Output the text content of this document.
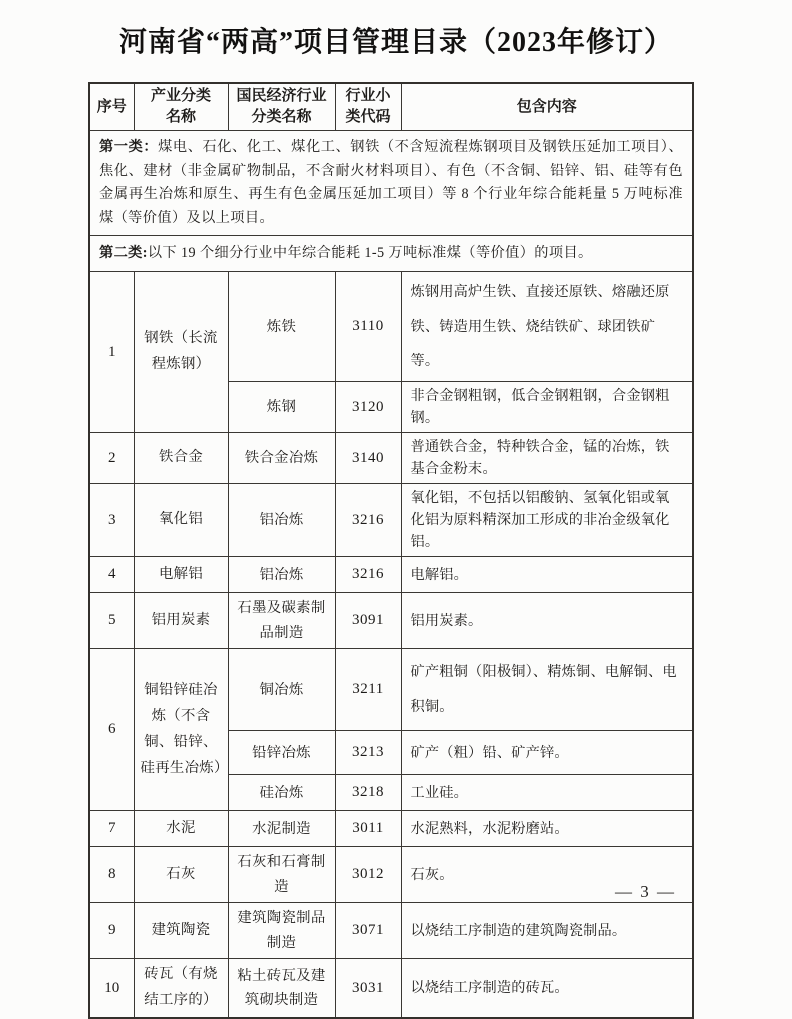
河南省“两高”项目管理目录（2023年修订）
序号	产业分类名称	国民经济行业分类名称	行业小类代码	包含内容
第一类：煤电、石化、化工、煤化工、钢铁（不含短流程炼钢项目及钢铁压延加工项目）、焦化、建材（非金属矿物制品，不含耐火材料项目）、有色（不含铜、铅锌、铝、硅等有色金属再生冶炼和原生、再生有色金属压延加工项目）等 8 个行业年综合能耗量 5 万吨标准煤（等价值）及以上项目。				
第二类:以下 19 个细分行业中年综合能耗 1-5 万吨标准煤（等价值）的项目。				
1	钢铁（长流程炼钢）	炼铁	3110	炼钢用高炉生铁、直接还原铁、熔融还原铁、铸造用生铁、烧结铁矿、球团铁矿等。
		炼钢	3120	非合金钢粗钢，低合金钢粗钢，合金钢粗钢。
2	铁合金	铁合金冶炼	3140	普通铁合金，特种铁合金，锰的冶炼，铁基合金粉末。
3	氧化铝	铝冶炼	3216	氧化铝，不包括以铝酸钠、氢氧化铝或氧化铝为原料精深加工形成的非冶金级氧化铝。
4	电解铝	铝冶炼	3216	电解铝。
5	铝用炭素	石墨及碳素制品制造	3091	铝用炭素。
6	铜铅锌硅冶炼（不含铜、铅锌、硅再生冶炼）	铜冶炼	3211	矿产粗铜（阳极铜）、精炼铜、电解铜、电积铜。
		铅锌冶炼	3213	矿产（粗）铅、矿产锌。
		硅冶炼	3218	工业硅。
7	水泥	水泥制造	3011	水泥熟料，水泥粉磨站。
8	石灰	石灰和石膏制造	3012	石灰。
9	建筑陶瓷	建筑陶瓷制品制造	3071	以烧结工序制造的建筑陶瓷制品。
10	砖瓦（有烧结工序的）	粘土砖瓦及建筑砌块制造	3031	以烧结工序制造的砖瓦。
— 3 —
